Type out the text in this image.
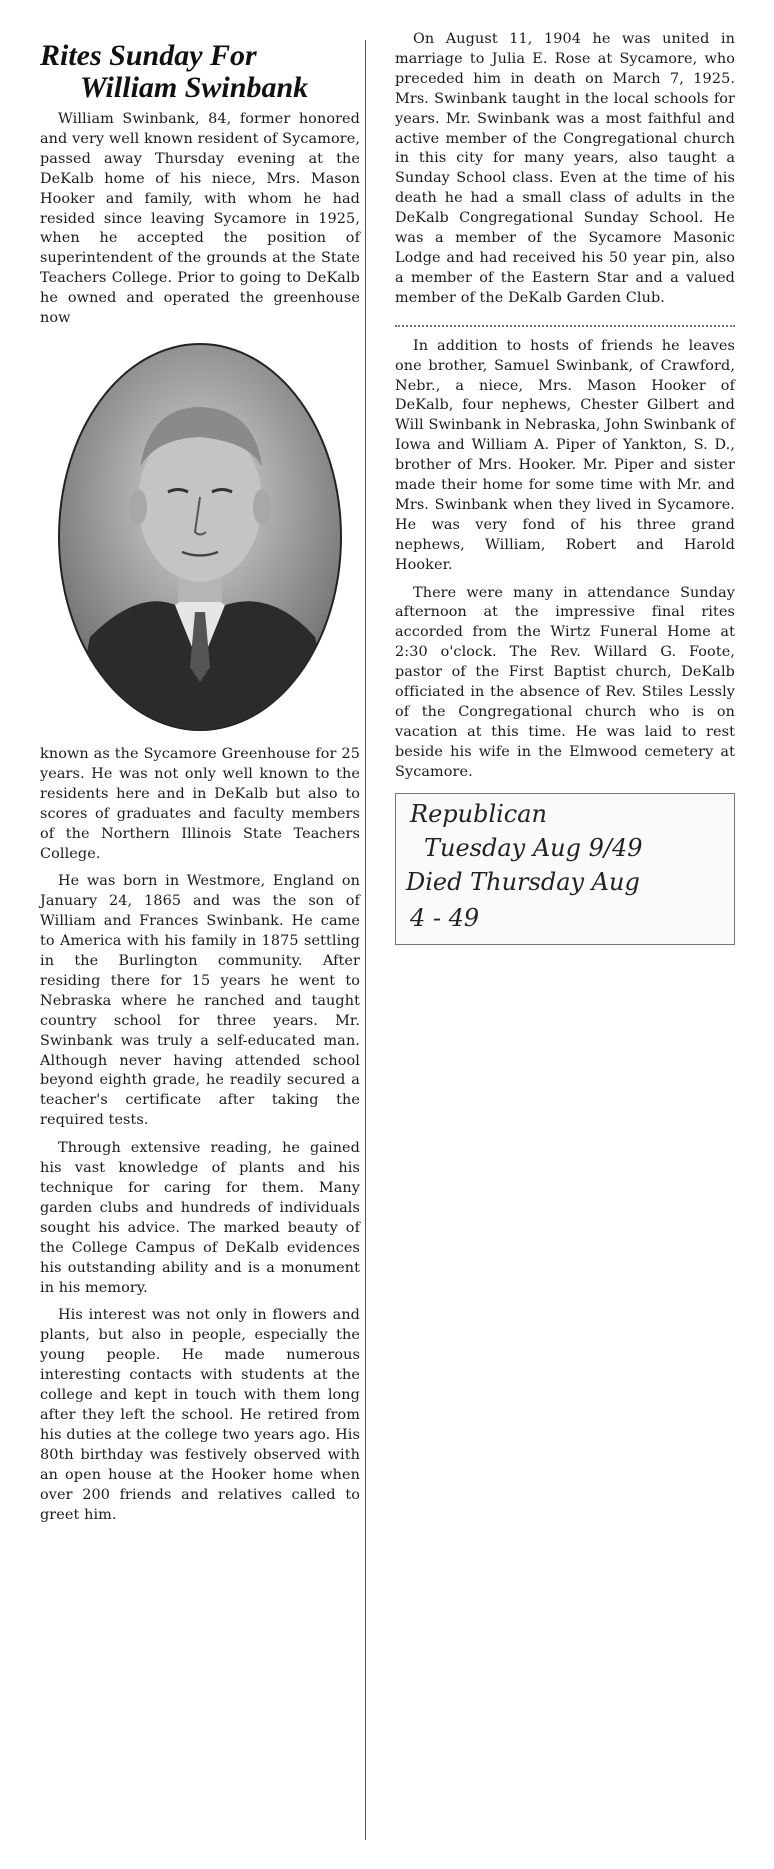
Rites Sunday For
William Swinbank

William Swinbank, 84, former honored and very well known resident of Sycamore, passed away Thursday evening at the DeKalb home of his niece, Mrs. Mason Hooker and family, with whom he had resided since leaving Sycamore in 1925, when he accepted the position of superintendent of the grounds at the State Teachers College. Prior to going to DeKalb he owned and operated the greenhouse now

known as the Sycamore Greenhouse for 25 years. He was not only well known to the residents here and in DeKalb but also to scores of graduates and faculty members of the Northern Illinois State Teachers College.

He was born in Westmore, England on January 24, 1865 and was the son of William and Frances Swinbank. He came to America with his family in 1875 settling in the Burlington community. After residing there for 15 years he went to Nebraska where he ranched and taught country school for three years. Mr. Swinbank was truly a self-educated man. Although never having attended school beyond eighth grade, he readily secured a teacher's certificate after taking the required tests.

Through extensive reading, he gained his vast knowledge of plants and his technique for caring for them. Many garden clubs and hundreds of individuals sought his advice. The marked beauty of the College Campus of DeKalb evidences his outstanding ability and is a monument in his memory.

His interest was not only in flowers and plants, but also in people, especially the young people. He made numerous interesting contacts with students at the college and kept in touch with them long after they left the school. He retired from his duties at the college two years ago. His 80th birthday was festively observed with an open house at the Hooker home when over 200 friends and relatives called to greet him.

On August 11, 1904 he was united in marriage to Julia E. Rose at Sycamore, who preceded him in death on March 7, 1925. Mrs. Swinbank taught in the local schools for years. Mr. Swinbank was a most faithful and active member of the Congregational church in this city for many years, also taught a Sunday School class. Even at the time of his death he had a small class of adults in the DeKalb Congregational Sunday School. He was a member of the Sycamore Masonic Lodge and had received his 50 year pin, also a member of the Eastern Star and a valued member of the DeKalb Garden Club.

In addition to hosts of friends he leaves one brother, Samuel Swinbank, of Crawford, Nebr., a niece, Mrs. Mason Hooker of DeKalb, four nephews, Chester Gilbert and Will Swinbank in Nebraska, John Swinbank of Iowa and William A. Piper of Yankton, S. D., brother of Mrs. Hooker. Mr. Piper and sister made their home for some time with Mr. and Mrs. Swinbank when they lived in Sycamore. He was very fond of his three grand nephews, William, Robert and Harold Hooker.

There were many in attendance Sunday afternoon at the impressive final rites accorded from the Wirtz Funeral Home at 2:30 o'clock. The Rev. Willard G. Foote, pastor of the First Baptist church, DeKalb officiated in the absence of Rev. Stiles Lessly of the Congregational church who is on vacation at this time. He was laid to rest beside his wife in the Elmwood cemetery at Sycamore.

Republican
Tuesday Aug 9/49
Died Thursday Aug
4 - 49
